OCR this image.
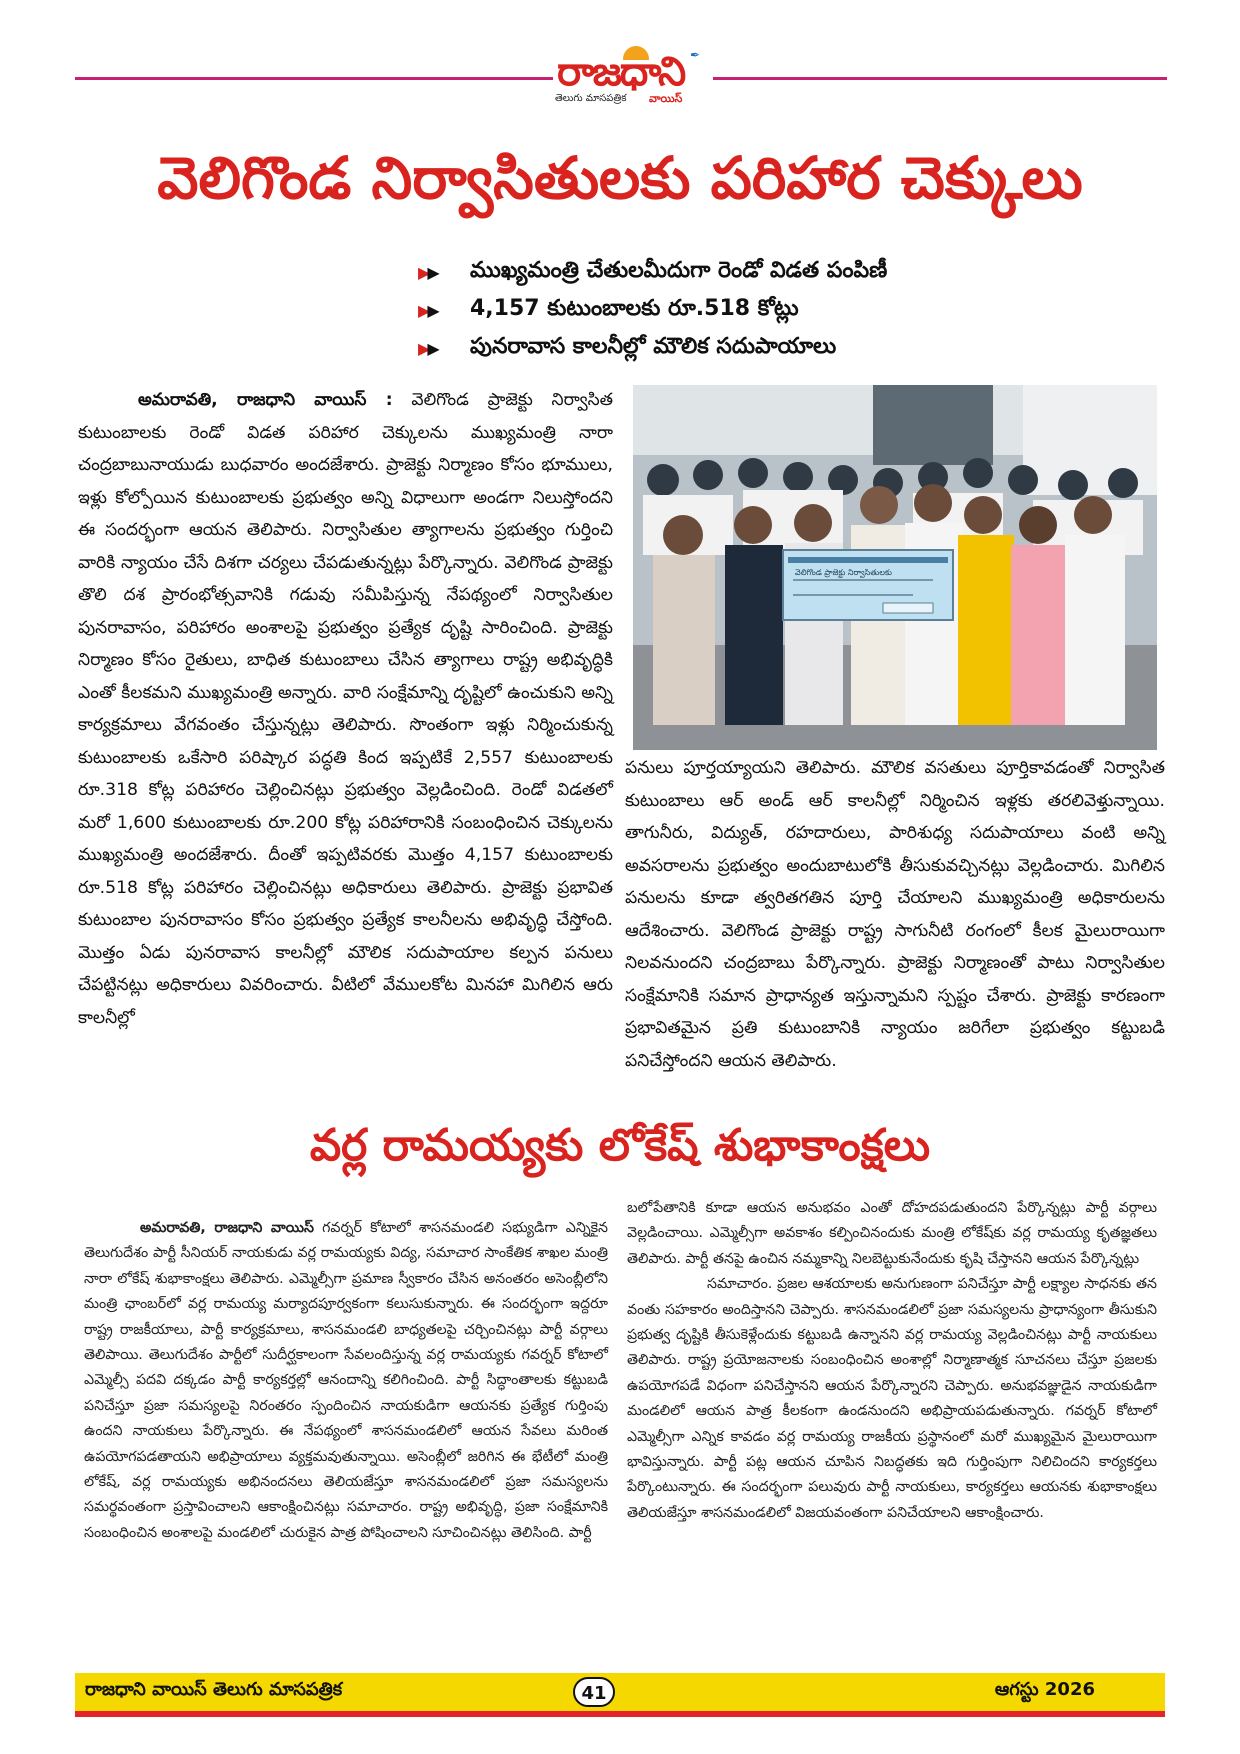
రాజధాని ✒
తెలుగు మాసపత్రిక వాయిస్
వెలిగొండ నిర్వాసితులకు పరిహార చెక్కులు
▶▶ ముఖ్యమంత్రి చేతులమీదుగా రెండో విడత పంపిణీ
▶▶ 4,157 కుటుంబాలకు రూ.518 కోట్లు
▶▶ పునరావాస కాలనీల్లో మౌలిక సదుపాయాలు
అమరావతి, రాజధాని వాయిస్ : వెలిగొండ ప్రాజెక్టు నిర్వాసిత కుటుంబాలకు రెండో విడత పరిహార చెక్కులను ముఖ్యమంత్రి నారా చంద్రబాబునాయుడు బుధవారం అందజేశారు. ప్రాజెక్టు నిర్మాణం కోసం భూములు, ఇళ్లు కోల్పోయిన కుటుంబాలకు ప్రభుత్వం అన్ని విధాలుగా అండగా నిలుస్తోందని ఈ సందర్భంగా ఆయన తెలిపారు. నిర్వాసితుల త్యాగాలను ప్రభుత్వం గుర్తించి వారికి న్యాయం చేసే దిశగా చర్యలు చేపడుతున్నట్లు పేర్కొన్నారు. వెలిగొండ ప్రాజెక్టు తొలి దశ ప్రారంభోత్సవానికి గడువు సమీపిస్తున్న నేపథ్యంలో నిర్వాసితుల పునరావాసం, పరిహారం అంశాలపై ప్రభుత్వం ప్రత్యేక దృష్టి సారించింది. ప్రాజెక్టు నిర్మాణం కోసం రైతులు, బాధిత కుటుంబాలు చేసిన త్యాగాలు రాష్ట్ర అభివృద్ధికి ఎంతో కీలకమని ముఖ్యమంత్రి అన్నారు. వారి సంక్షేమాన్ని దృష్టిలో ఉంచుకుని అన్ని కార్యక్రమాలు వేగవంతం చేస్తున్నట్లు తెలిపారు. సొంతంగా ఇళ్లు నిర్మించుకున్న కుటుంబాలకు ఒకేసారి పరిష్కార పద్ధతి కింద ఇప్పటికే 2,557 కుటుంబాలకు రూ.318 కోట్ల పరిహారం చెల్లించినట్లు ప్రభుత్వం వెల్లడించింది. రెండో విడతలో మరో 1,600 కుటుంబాలకు రూ.200 కోట్ల పరిహారానికి సంబంధించిన చెక్కులను ముఖ్యమంత్రి అందజేశారు. దీంతో ఇప్పటివరకు మొత్తం 4,157 కుటుంబాలకు రూ.518 కోట్ల పరిహారం చెల్లించినట్లు అధికారులు తెలిపారు. ప్రాజెక్టు ప్రభావిత కుటుంబాల పునరావాసం కోసం ప్రభుత్వం ప్రత్యేక కాలనీలను అభివృద్ధి చేస్తోంది. మొత్తం ఏడు పునరావాస కాలనీల్లో మౌలిక సదుపాయాల కల్పన పనులు చేపట్టినట్లు అధికారులు వివరించారు. వీటిలో వేములకోట మినహా మిగిలిన ఆరు కాలనీల్లో
వెలిగొండ ప్రాజెక్టు నిర్వాసితులకు
పనులు పూర్తయ్యాయని తెలిపారు. మౌలిక వసతులు పూర్తికావడంతో నిర్వాసిత కుటుంబాలు ఆర్ అండ్ ఆర్ కాలనీల్లో నిర్మించిన ఇళ్లకు తరలివెళ్తున్నాయి. తాగునీరు, విద్యుత్, రహదారులు, పారిశుధ్య సదుపాయాలు వంటి అన్ని అవసరాలను ప్రభుత్వం అందుబాటులోకి తీసుకువచ్చినట్లు వెల్లడించారు. మిగిలిన పనులను కూడా త్వరితగతిన పూర్తి చేయాలని ముఖ్యమంత్రి అధికారులను ఆదేశించారు. వెలిగొండ ప్రాజెక్టు రాష్ట్ర సాగునీటి రంగంలో కీలక మైలురాయిగా నిలవనుందని చంద్రబాబు పేర్కొన్నారు. ప్రాజెక్టు నిర్మాణంతో పాటు నిర్వాసితుల సంక్షేమానికి సమాన ప్రాధాన్యత ఇస్తున్నామని స్పష్టం చేశారు. ప్రాజెక్టు కారణంగా ప్రభావితమైన ప్రతి కుటుంబానికి న్యాయం జరిగేలా ప్రభుత్వం కట్టుబడి పనిచేస్తోందని ఆయన తెలిపారు.
వర్ల రామయ్యకు లోకేష్ శుభాకాంక్షలు
అమరావతి, రాజధాని వాయిస్ గవర్నర్ కోటాలో శాసనమండలి సభ్యుడిగా ఎన్నికైన తెలుగుదేశం పార్టీ సీనియర్ నాయకుడు వర్ల రామయ్యకు విద్య, సమాచార సాంకేతిక శాఖల మంత్రి నారా లోకేష్ శుభాకాంక్షలు తెలిపారు. ఎమ్మెల్సీగా ప్రమాణ స్వీకారం చేసిన అనంతరం అసెంబ్లీలోని మంత్రి ఛాంబర్‌లో వర్ల రామయ్య మర్యాదపూర్వకంగా కలుసుకున్నారు. ఈ సందర్భంగా ఇద్దరూ రాష్ట్ర రాజకీయాలు, పార్టీ కార్యక్రమాలు, శాసనమండలి బాధ్యతలపై చర్చించినట్లు పార్టీ వర్గాలు తెలిపాయి. తెలుగుదేశం పార్టీలో సుదీర్ఘకాలంగా సేవలందిస్తున్న వర్ల రామయ్యకు గవర్నర్ కోటాలో ఎమ్మెల్సీ పదవి దక్కడం పార్టీ కార్యకర్తల్లో ఆనందాన్ని కలిగించింది. పార్టీ సిద్ధాంతాలకు కట్టుబడి పనిచేస్తూ ప్రజా సమస్యలపై నిరంతరం స్పందించిన నాయకుడిగా ఆయనకు ప్రత్యేక గుర్తింపు ఉందని నాయకులు పేర్కొన్నారు. ఈ నేపథ్యంలో శాసనమండలిలో ఆయన సేవలు మరింత ఉపయోగపడతాయని అభిప్రాయాలు వ్యక్తమవుతున్నాయి. అసెంబ్లీలో జరిగిన ఈ భేటీలో మంత్రి లోకేష్, వర్ల రామయ్యకు అభినందనలు తెలియజేస్తూ శాసనమండలిలో ప్రజా సమస్యలను సమర్థవంతంగా ప్రస్తావించాలని ఆకాంక్షించినట్లు సమాచారం. రాష్ట్ర అభివృద్ధి, ప్రజా సంక్షేమానికి సంబంధించిన అంశాలపై మండలిలో చురుకైన పాత్ర పోషించాలని సూచించినట్లు తెలిసింది. పార్టీ
బలోపేతానికి కూడా ఆయన అనుభవం ఎంతో దోహదపడుతుందని పేర్కొన్నట్లు పార్టీ వర్గాలు వెల్లడించాయి. ఎమ్మెల్సీగా అవకాశం కల్పించినందుకు మంత్రి లోకేష్‌కు వర్ల రామయ్య కృతజ్ఞతలు తెలిపారు. పార్టీ తనపై ఉంచిన నమ్మకాన్ని నిలబెట్టుకునేందుకు కృషి చేస్తానని ఆయన పేర్కొన్నట్లు
సమాచారం. ప్రజల ఆశయాలకు అనుగుణంగా పనిచేస్తూ పార్టీ లక్ష్యాల సాధనకు తన వంతు సహకారం అందిస్తానని చెప్పారు. శాసనమండలిలో ప్రజా సమస్యలను ప్రాధాన్యంగా తీసుకుని ప్రభుత్వ దృష్టికి తీసుకెళ్లేందుకు కట్టుబడి ఉన్నానని వర్ల రామయ్య వెల్లడించినట్లు పార్టీ నాయకులు తెలిపారు. రాష్ట్ర ప్రయోజనాలకు సంబంధించిన అంశాల్లో నిర్మాణాత్మక సూచనలు చేస్తూ ప్రజలకు ఉపయోగపడే విధంగా పనిచేస్తానని ఆయన పేర్కొన్నారని చెప్పారు. అనుభవజ్ఞుడైన నాయకుడిగా మండలిలో ఆయన పాత్ర కీలకంగా ఉండనుందని అభిప్రాయపడుతున్నారు. గవర్నర్ కోటాలో ఎమ్మెల్సీగా ఎన్నిక కావడం వర్ల రామయ్య రాజకీయ ప్రస్థానంలో మరో ముఖ్యమైన మైలురాయిగా భావిస్తున్నారు. పార్టీ పట్ల ఆయన చూపిన నిబద్ధతకు ఇది గుర్తింపుగా నిలిచిందని కార్యకర్తలు పేర్కొంటున్నారు. ఈ సందర్భంగా పలువురు పార్టీ నాయకులు, కార్యకర్తలు ఆయనకు శుభాకాంక్షలు తెలియజేస్తూ శాసనమండలిలో విజయవంతంగా పనిచేయాలని ఆకాంక్షించారు.
రాజధాని వాయిస్ తెలుగు మాసపత్రిక	41	ఆగస్టు 2026
